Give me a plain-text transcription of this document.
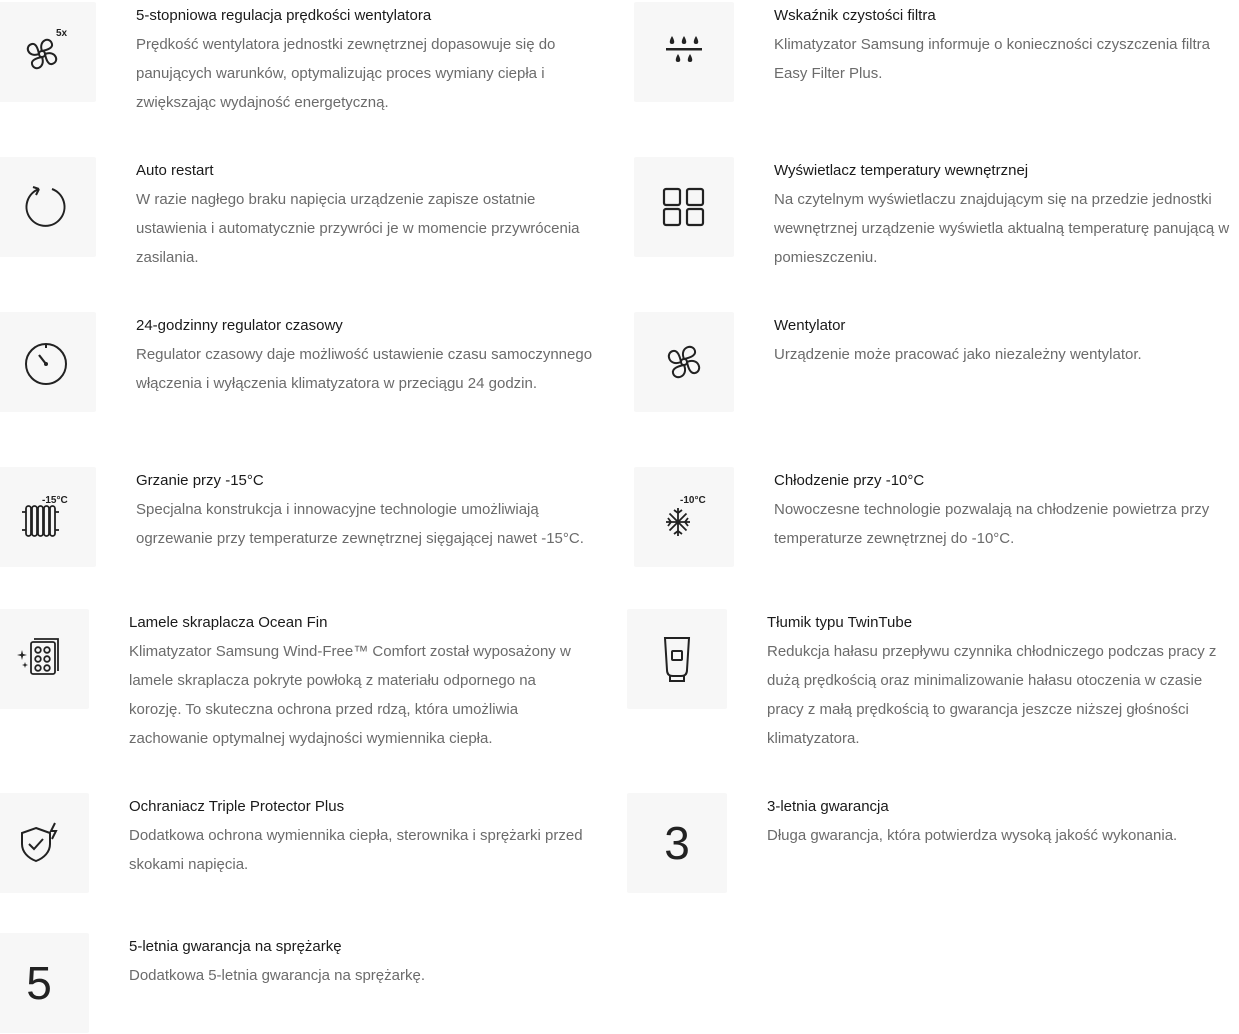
5x
5-stopniowa regulacja prędkości wentylatora

Prędkość wentylatora jednostki zewnętrznej dopasowuje się do panujących warunków, optymalizując proces wymiany ciepła i zwiększając wydajność energetyczną.

Wskaźnik czystości filtra

Klimatyzator Samsung informuje o konieczności czyszczenia filtra Easy Filter Plus.

Auto restart

W razie nagłego braku napięcia urządzenie zapisze ostatnie ustawienia i automatycznie przywróci je w momencie przywrócenia zasilania.

Wyświetlacz temperatury wewnętrznej

Na czytelnym wyświetlaczu znajdującym się na przedzie jednostki wewnętrznej urządzenie wyświetla aktualną temperaturę panującą w pomieszczeniu.

24-godzinny regulator czasowy

Regulator czasowy daje możliwość ustawienie czasu samoczynnego włączenia i wyłączenia klimatyzatora w przeciągu 24 godzin.

Wentylator

Urządzenie może pracować jako niezależny wentylator.

-15°C
Grzanie przy -15°C

Specjalna konstrukcja i innowacyjne technologie umożliwiają ogrzewanie przy temperaturze zewnętrznej sięgającej nawet -15°C.

-10°C
Chłodzenie przy -10°C

Nowoczesne technologie pozwalają na chłodzenie powietrza przy temperaturze zewnętrznej do -10°C.

Lamele skraplacza Ocean Fin

Klimatyzator Samsung Wind-Free™ Comfort został wyposażony w lamele skraplacza pokryte powłoką z materiału odpornego na korozję. To skuteczna ochrona przed rdzą, która umożliwia zachowanie optymalnej wydajności wymiennika ciepła.

Tłumik typu TwinTube

Redukcja hałasu przepływu czynnika chłodniczego podczas pracy z dużą prędkością oraz minimalizowanie hałasu otoczenia w czasie pracy z małą prędkością to gwarancja jeszcze niższej głośności klimatyzatora.

Ochraniacz Triple Protector Plus

Dodatkowa ochrona wymiennika ciepła, sterownika i sprężarki przed skokami napięcia.	3
3-letnia gwarancja

Długa gwarancja, która potwierdza wysoką jakość wykonania.

5
5-letnia gwarancja na sprężarkę

Dodatkowa 5-letnia gwarancja na sprężarkę.
